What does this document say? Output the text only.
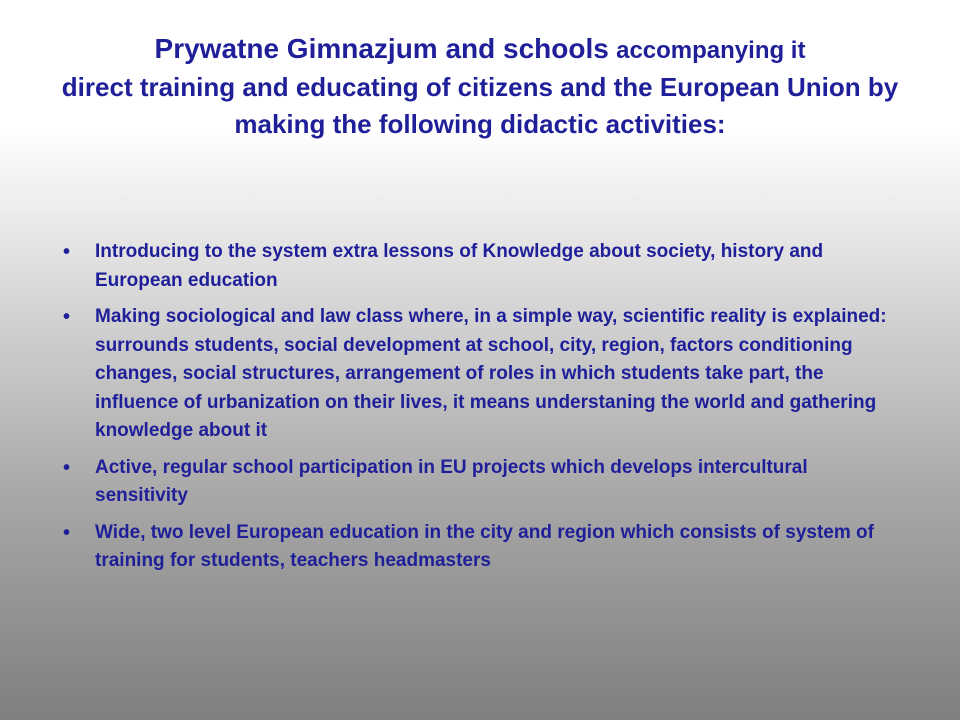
Prywatne Gimnazjum and schools accompanying it
direct training and educating of citizens and the European Union by making the following didactic activities:
• Introducing to the system extra lessons of Knowledge about society, history and European education
• Making sociological and law class where, in a simple way, scientific reality is explained: surrounds students, social development at school, city, region, factors conditioning changes, social structures, arrangement of roles in which students take part, the influence of urbanization on their lives, it means understaning the world and gathering knowledge about it
• Active, regular school participation in EU projects which develops intercultural sensitivity
• Wide, two level European education in the city and region which consists of system of training for students, teachers headmasters
